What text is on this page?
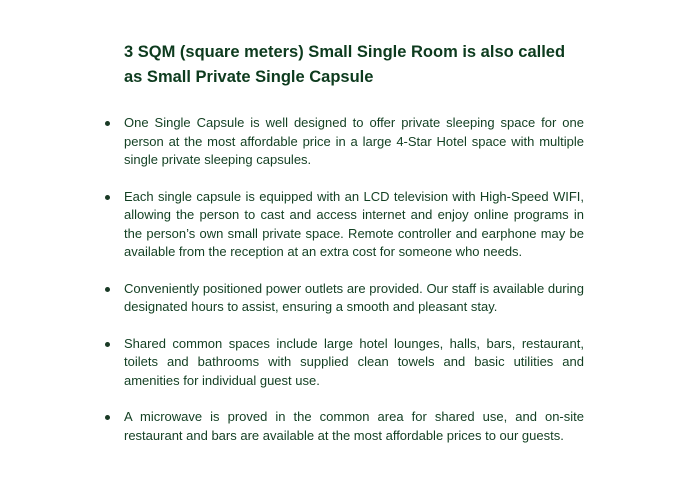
3 SQM (square meters) Small Single Room is also called as Small Private Single Capsule
One Single Capsule is well designed to offer private sleeping space for one person at the most affordable price in a large 4-Star Hotel space with multiple single private sleeping capsules.
Each single capsule is equipped with an LCD television with High-Speed WIFI, allowing the person to cast and access internet and enjoy online programs in the person’s own small private space. Remote controller and earphone may be available from the reception at an extra cost for someone who needs.
Conveniently positioned power outlets are provided. Our staff is available during designated hours to assist, ensuring a smooth and pleasant stay.
Shared common spaces include large hotel lounges, halls, bars, restaurant, toilets and bathrooms with supplied clean towels and basic utilities and amenities for individual guest use.
A microwave is proved in the common area for shared use, and on-site restaurant and bars are available at the most affordable prices to our guests.
